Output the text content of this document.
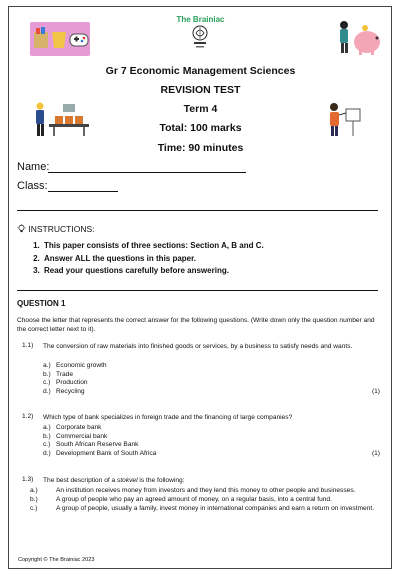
The Brainiac
Gr 7 Economic Management Sciences
REVISION TEST
Term 4
Total: 100 marks
Time: 90 minutes
Name:
Class:
INSTRUCTIONS:
1. This paper consists of three sections: Section A, B and C.
2. Answer ALL the questions in this paper.
3. Read your questions carefully before answering.
QUESTION 1
Choose the letter that represents the correct answer for the following questions. (Write down only the question number and the correct letter next to it).
1.1) The conversion of raw materials into finished goods or services, by a business to satisfy needs and wants.
a.) Economic growth
b.) Trade
c.) Production
d.) Recycling	(1)
1.2) Which type of bank specializes in foreign trade and the financing of large companies?
a.) Corporate bank
b.) Commercial bank
c.) South African Reserve Bank
d.) Development Bank of South Africa	(1)
1.3) The best description of a stokvel is the following:
a.)	An institution receives money from investors and they lend this money to other people and businesses.
b.)	A group of people who pay an agreed amount of money, on a regular basis, into a central fund.
c.)	A group of people, usually a family, invest money in international companies and earn a return on investment.
Copyright © The Brainiac 2023
